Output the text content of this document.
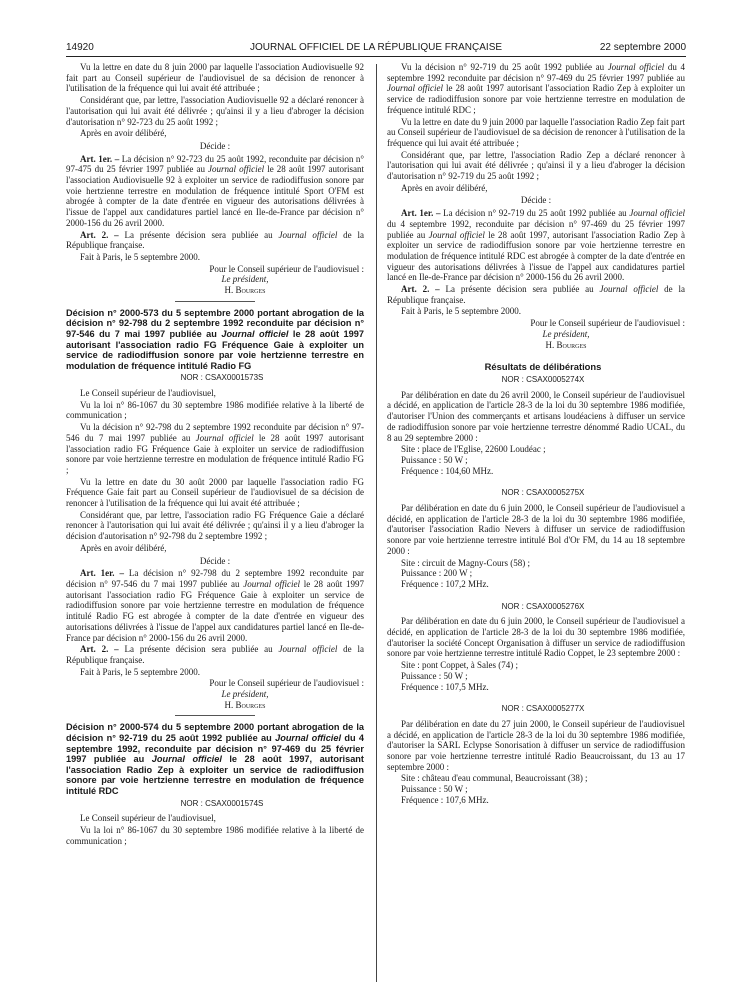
14920	JOURNAL OFFICIEL DE LA RÉPUBLIQUE FRANÇAISE	22 septembre 2000

Vu la lettre en date du 8 juin 2000 par laquelle l'association Audiovisuelle 92 fait part au Conseil supérieur de l'audiovisuel de sa décision de renoncer à l'utilisation de la fréquence qui lui avait été attribuée ;

Considérant que, par lettre, l'association Audiovisuelle 92 a déclaré renoncer à l'autorisation qui lui avait été délivrée ; qu'ainsi il y a lieu d'abroger la décision d'autorisation n° 92-723 du 25 août 1992 ;

Après en avoir délibéré,

Décide :

Art. 1er. – La décision n° 92-723 du 25 août 1992, reconduite par décision n° 97-475 du 25 février 1997 publiée au Journal officiel le 28 août 1997 autorisant l'association Audiovisuelle 92 à exploiter un service de radiodiffusion sonore par voie hertzienne terrestre en modulation de fréquence intitulé Sport O'FM est abrogée à compter de la date d'entrée en vigueur des autorisations délivrées à l'issue de l'appel aux candidatures partiel lancé en Ile-de-France par décision n° 2000-156 du 26 avril 2000.

Art. 2. – La présente décision sera publiée au Journal officiel de la République française.

Fait à Paris, le 5 septembre 2000.

Pour le Conseil supérieur de l'audiovisuel :

Le président,

H. Bourges

Décision n° 2000-573 du 5 septembre 2000 portant abrogation de la décision n° 92-798 du 2 septembre 1992 reconduite par décision n° 97-546 du 7 mai 1997 publiée au Journal officiel le 28 août 1997 autorisant l'association radio FG Fréquence Gaie à exploiter un service de radiodiffusion sonore par voie hertzienne terrestre en modulation de fréquence intitulé Radio FG

NOR : CSAX0001573S

Le Conseil supérieur de l'audiovisuel,

Vu la loi n° 86-1067 du 30 septembre 1986 modifiée relative à la liberté de communication ;

Vu la décision n° 92-798 du 2 septembre 1992 reconduite par décision n° 97-546 du 7 mai 1997 publiée au Journal officiel le 28 août 1997 autorisant l'association radio FG Fréquence Gaie à exploiter un service de radiodiffusion sonore par voie hertzienne terrestre en modulation de fréquence intitulé Radio FG ;

Vu la lettre en date du 30 août 2000 par laquelle l'association radio FG Fréquence Gaie fait part au Conseil supérieur de l'audiovisuel de sa décision de renoncer à l'utilisation de la fréquence qui lui avait été attribuée ;

Considérant que, par lettre, l'association radio FG Fréquence Gaie a déclaré renoncer à l'autorisation qui lui avait été délivrée ; qu'ainsi il y a lieu d'abroger la décision d'autorisation n° 92-798 du 2 septembre 1992 ;

Après en avoir délibéré,

Décide :

Art. 1er. – La décision n° 92-798 du 2 septembre 1992 reconduite par décision n° 97-546 du 7 mai 1997 publiée au Journal officiel le 28 août 1997 autorisant l'association radio FG Fréquence Gaie à exploiter un service de radiodiffusion sonore par voie hertzienne terrestre en modulation de fréquence intitulé Radio FG est abrogée à compter de la date d'entrée en vigueur des autorisations délivrées à l'issue de l'appel aux candidatures partiel lancé en Ile-de-France par décision n° 2000-156 du 26 avril 2000.

Art. 2. – La présente décision sera publiée au Journal officiel de la République française.

Fait à Paris, le 5 septembre 2000.

Pour le Conseil supérieur de l'audiovisuel :

Le président,

H. Bourges

Décision n° 2000-574 du 5 septembre 2000 portant abrogation de la décision n° 92-719 du 25 août 1992 publiée au Journal officiel du 4 septembre 1992, reconduite par décision n° 97-469 du 25 février 1997 publiée au Journal officiel le 28 août 1997, autorisant l'association Radio Zep à exploiter un service de radiodiffusion sonore par voie hertzienne terrestre en modulation de fréquence intitulé RDC

NOR : CSAX0001574S

Le Conseil supérieur de l'audiovisuel,

Vu la loi n° 86-1067 du 30 septembre 1986 modifiée relative à la liberté de communication ;

Vu la décision n° 92-719 du 25 août 1992 publiée au Journal officiel du 4 septembre 1992 reconduite par décision n° 97-469 du 25 février 1997 publiée au Journal officiel le 28 août 1997 autorisant l'association Radio Zep à exploiter un service de radiodiffusion sonore par voie hertzienne terrestre en modulation de fréquence intitulé RDC ;

Vu la lettre en date du 9 juin 2000 par laquelle l'association Radio Zep fait part au Conseil supérieur de l'audiovisuel de sa décision de renoncer à l'utilisation de la fréquence qui lui avait été attribuée ;

Considérant que, par lettre, l'association Radio Zep a déclaré renoncer à l'autorisation qui lui avait été délivrée ; qu'ainsi il y a lieu d'abroger la décision d'autorisation n° 92-719 du 25 août 1992 ;

Après en avoir délibéré,

Décide :

Art. 1er. – La décision n° 92-719 du 25 août 1992 publiée au Journal officiel du 4 septembre 1992, reconduite par décision n° 97-469 du 25 février 1997 publiée au Journal officiel le 28 août 1997, autorisant l'association Radio Zep à exploiter un service de radiodiffusion sonore par voie hertzienne terrestre en modulation de fréquence intitulé RDC est abrogée à compter de la date d'entrée en vigueur des autorisations délivrées à l'issue de l'appel aux candidatures partiel lancé en Ile-de-France par décision n° 2000-156 du 26 avril 2000.

Art. 2. – La présente décision sera publiée au Journal officiel de la République française.

Fait à Paris, le 5 septembre 2000.

Pour le Conseil supérieur de l'audiovisuel :

Le président,

H. Bourges

Résultats de délibérations

NOR : CSAX0005274X

Par délibération en date du 26 avril 2000, le Conseil supérieur de l'audiovisuel a décidé, en application de l'article 28-3 de la loi du 30 septembre 1986 modifiée, d'autoriser l'Union des commerçants et artisans loudéaciens à diffuser un service de radiodiffusion sonore par voie hertzienne terrestre dénommé Radio UCAL, du 8 au 29 septembre 2000 :

Site : place de l'Eglise, 22600 Loudéac ;

Puissance : 50 W ;

Fréquence : 104,60 MHz.

NOR : CSAX0005275X

Par délibération en date du 6 juin 2000, le Conseil supérieur de l'audiovisuel a décidé, en application de l'article 28-3 de la loi du 30 septembre 1986 modifiée, d'autoriser l'association Radio Nevers à diffuser un service de radiodiffusion sonore par voie hertzienne terrestre intitulé Bol d'Or FM, du 14 au 18 septembre 2000 :

Site : circuit de Magny-Cours (58) ;

Puissance : 200 W ;

Fréquence : 107,2 MHz.

NOR : CSAX0005276X

Par délibération en date du 6 juin 2000, le Conseil supérieur de l'audiovisuel a décidé, en application de l'article 28-3 de la loi du 30 septembre 1986 modifiée, d'autoriser la société Concept Organisation à diffuser un service de radiodiffusion sonore par voie hertzienne terrestre intitulé Radio Coppet, le 23 septembre 2000 :

Site : pont Coppet, à Sales (74) ;

Puissance : 50 W ;

Fréquence : 107,5 MHz.

NOR : CSAX0005277X

Par délibération en date du 27 juin 2000, le Conseil supérieur de l'audiovisuel a décidé, en application de l'article 28-3 de la loi du 30 septembre 1986 modifiée, d'autoriser la SARL Eclypse Sonorisation à diffuser un service de radiodiffusion sonore par voie hertzienne terrestre intitulé Radio Beaucroissant, du 13 au 17 septembre 2000 :

Site : château d'eau communal, Beaucroissant (38) ;

Puissance : 50 W ;

Fréquence : 107,6 MHz.
